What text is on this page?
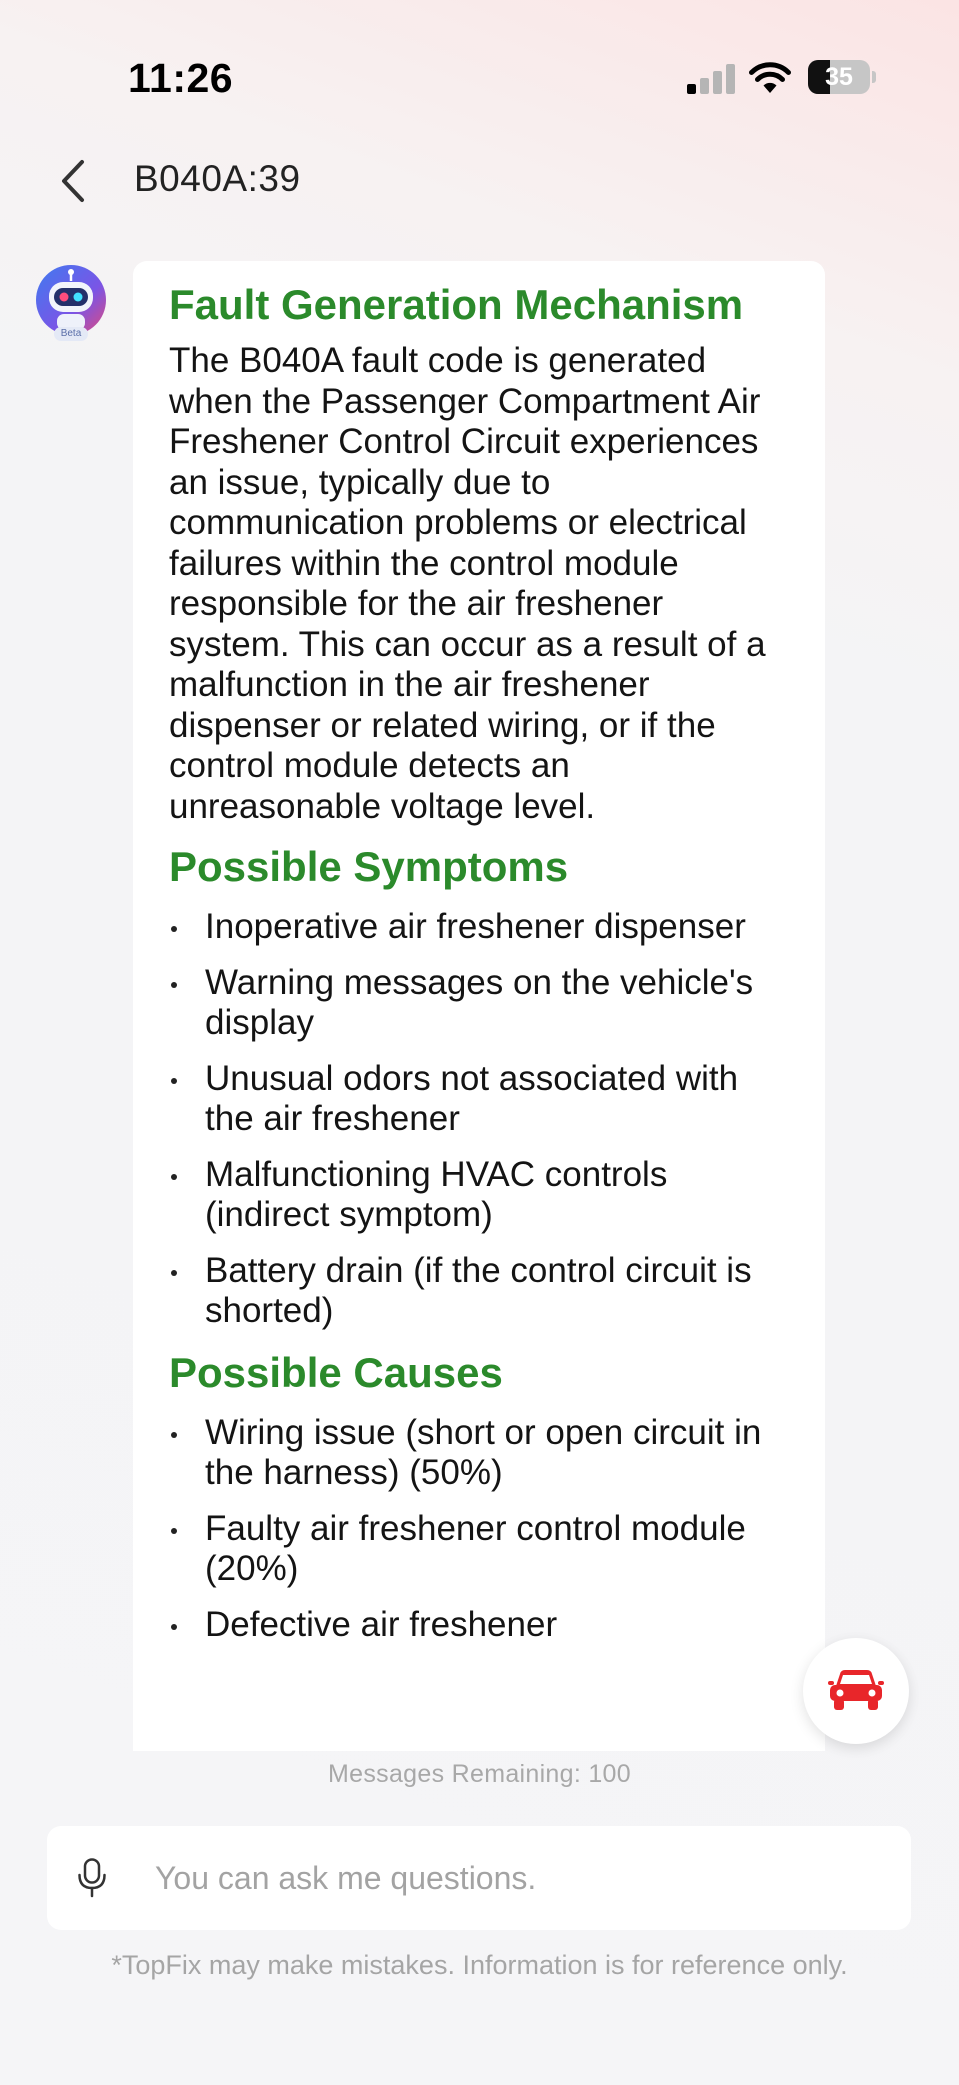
11:26	35
B040A:39
Beta
Fault Generation Mechanism

The B040A fault code is generated when the Passenger Compartment Air Freshener Control Circuit experiences an issue, typically due to communication problems or electrical failures within the control module responsible for the air freshener system. This can occur as a result of a malfunction in the air freshener dispenser or related wiring, or if the control module detects an unreasonable voltage level.

Possible Symptoms
Inoperative air freshener dispenser
Warning messages on the vehicle's display
Unusual odors not associated with the air freshener
Malfunctioning HVAC controls (indirect symptom)
Battery drain (if the control circuit is shorted)
Possible Causes
Wiring issue (short or open circuit in the harness) (50%)
Faulty air freshener control module (20%)
Defective air freshener
Messages Remaining: 100
You can ask me questions.
*TopFix may make mistakes. Information is for reference only.
